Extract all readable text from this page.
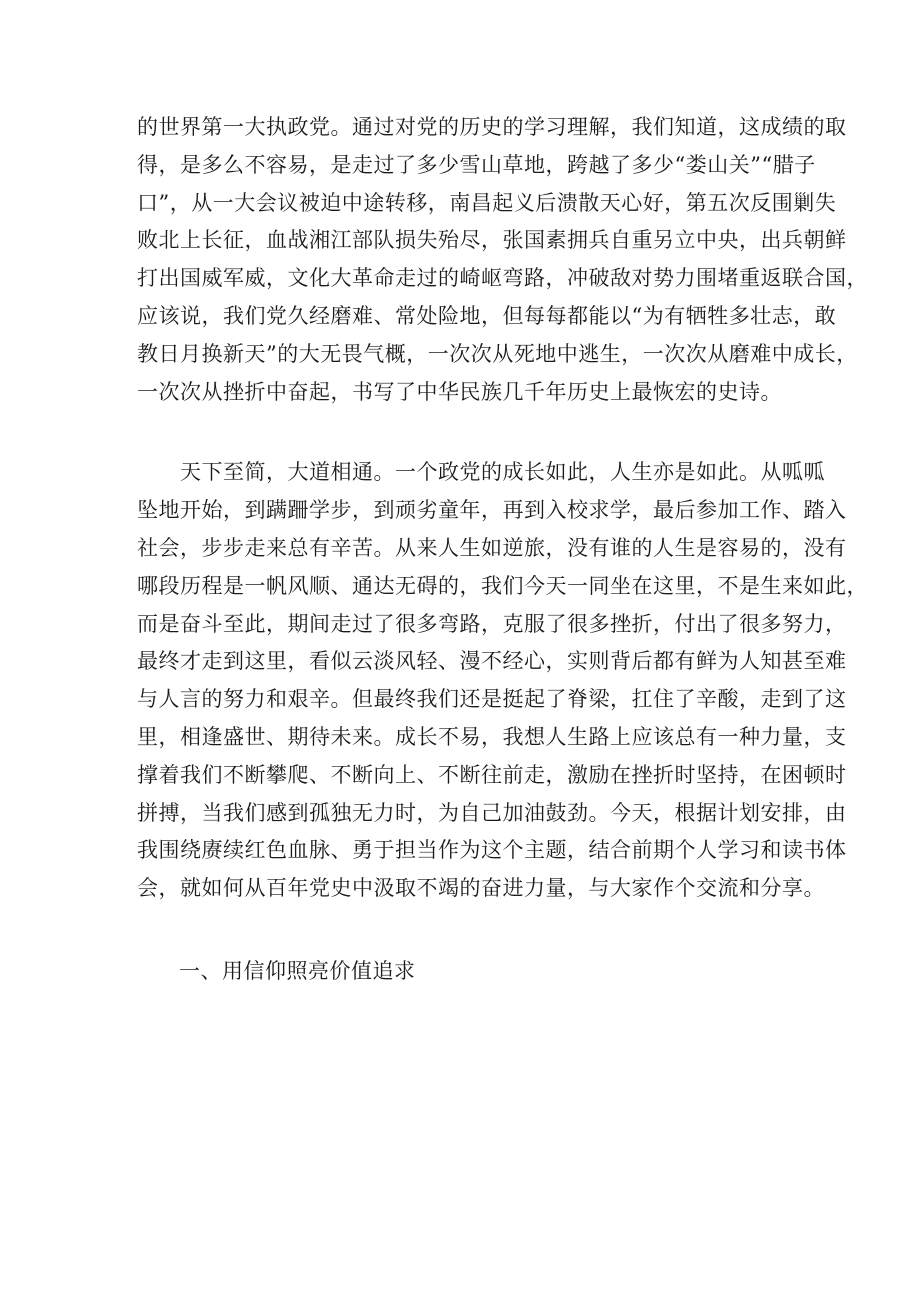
的世界第一大执政党。通过对党的历史的学习理解，我们知道，这成绩的取
得，是多么不容易，是走过了多少雪山草地，跨越了多少“娄山关”“腊子
口”，从一大会议被迫中途转移，南昌起义后溃散天心好，第五次反围剿失
败北上长征，血战湘江部队损失殆尽，张国素拥兵自重另立中央，出兵朝鲜
打出国威军威，文化大革命走过的崎岖弯路，冲破敌对势力围堵重返联合国，
应该说，我们党久经磨难、常处险地，但每每都能以“为有牺牲多壮志，敢
教日月换新天”的大无畏气概，一次次从死地中逃生，一次次从磨难中成长，
一次次从挫折中奋起，书写了中华民族几千年历史上最恢宏的史诗。

　　天下至简，大道相通。一个政党的成长如此，人生亦是如此。从呱呱
坠地开始，到蹒跚学步，到顽劣童年，再到入校求学，最后参加工作、踏入
社会，步步走来总有辛苦。从来人生如逆旅，没有谁的人生是容易的，没有
哪段历程是一帆风顺、通达无碍的，我们今天一同坐在这里，不是生来如此，
而是奋斗至此，期间走过了很多弯路，克服了很多挫折，付出了很多努力，
最终才走到这里，看似云淡风轻、漫不经心，实则背后都有鲜为人知甚至难
与人言的努力和艰辛。但最终我们还是挺起了脊梁，扛住了辛酸，走到了这
里，相逢盛世、期待未来。成长不易，我想人生路上应该总有一种力量，支
撑着我们不断攀爬、不断向上、不断往前走，激励在挫折时坚持，在困顿时
拼搏，当我们感到孤独无力时，为自己加油鼓劲。今天，根据计划安排，由
我围绕赓续红色血脉、勇于担当作为这个主题，结合前期个人学习和读书体
会，就如何从百年党史中汲取不竭的奋进力量，与大家作个交流和分享。

一、用信仰照亮价值追求
